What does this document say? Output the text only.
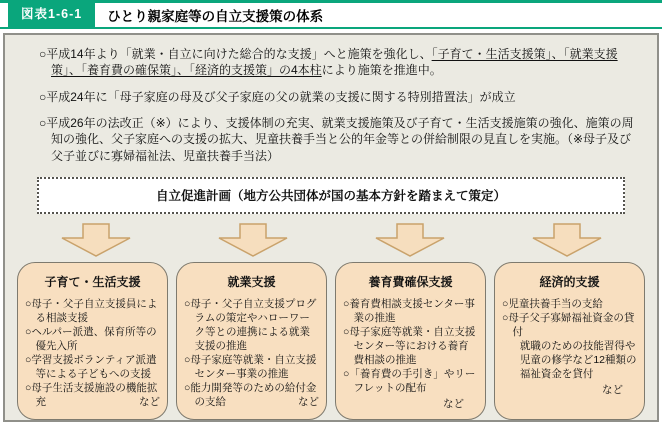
図表1-6-1	ひとり親家庭等の自立支援策の体系
○平成14年より「就業・自立に向けた総合的な支援」へと施策を強化し、「子育て・生活支援策」、「就業支援策」、「養育費の確保策」、「経済的支援策」の4本柱により施策を推進中。
○平成24年に「母子家庭の母及び父子家庭の父の就業の支援に関する特別措置法」が成立
○平成26年の法改正（※）により、支援体制の充実、就業支援施策及び子育て・生活支援施策の強化、施策の周知の強化、父子家庭への支援の拡大、児童扶養手当と公的年金等との併給制限の見直しを実施。（※母子及び父子並びに寡婦福祉法、児童扶養手当法）
自立促進計画（地方公共団体が国の基本方針を踏まえて策定）
子育て・生活支援
○母子・父子自立支援員による相談支援
○ヘルパー派遣、保育所等の優先入所
○学習支援ボランティア派遣等による子どもへの支援
○母子生活支援施設の機能拡充	など
就業支援
○母子・父子自立支援プログラムの策定やハローワーク等との連携による就業支援の推進
○母子家庭等就業・自立支援センター事業の推進
○能力開発等のための給付金の支給	など
養育費確保支援
○養育費相談支援センター事業の推進
○母子家庭等就業・自立支援センター等における養育費相談の推進
○「養育費の手引き」やリーフレットの配布
など
経済的支援
○児童扶養手当の支給
○母子父子寡婦福祉資金の貸付
就職のための技能習得や児童の修学など12種類の福祉資金を貸付
など
